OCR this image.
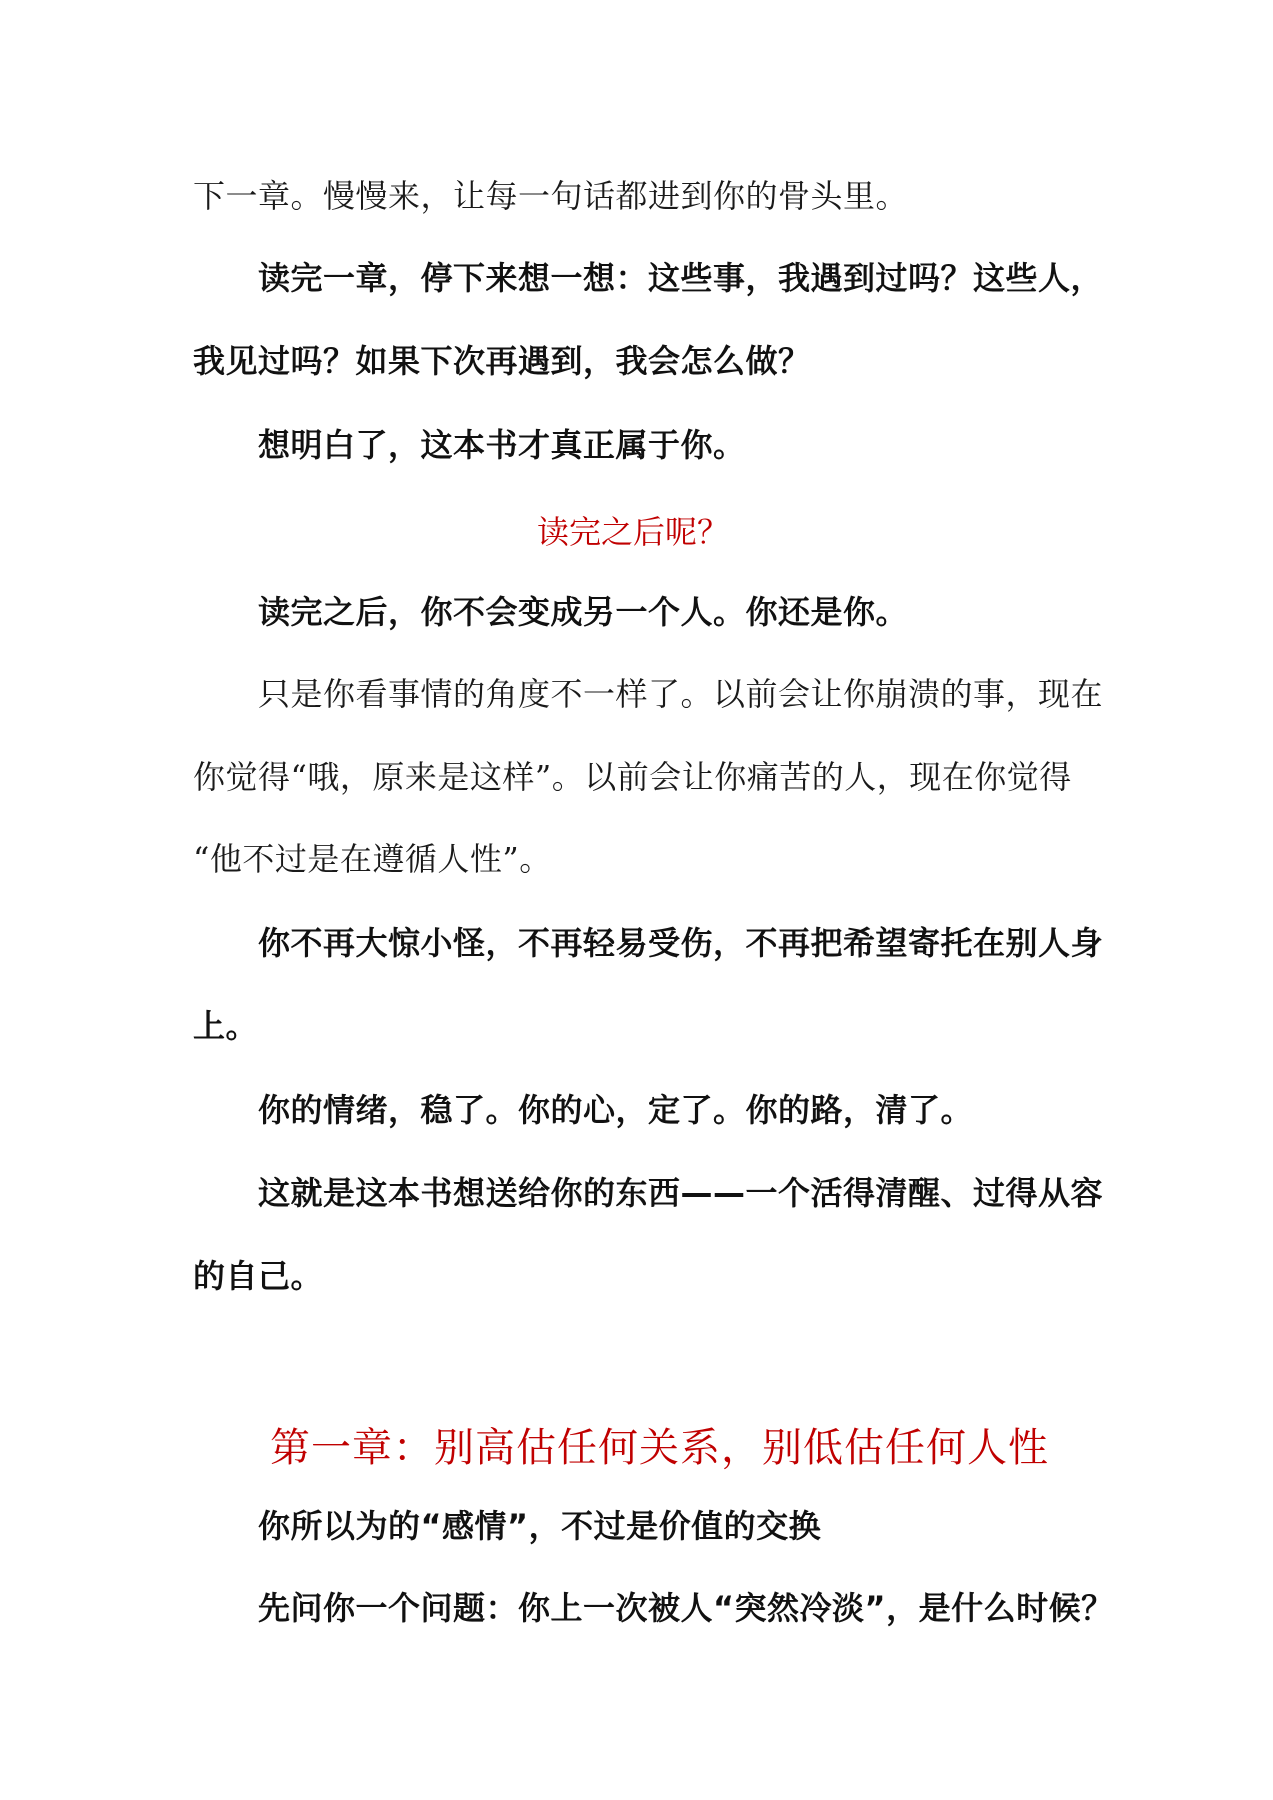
下一章。慢慢来，让每一句话都进到你的骨头里。
读完一章，停下来想一想：这些事，我遇到过吗？这些人，
我见过吗？如果下次再遇到，我会怎么做？
想明白了，这本书才真正属于你。
读完之后呢？
读完之后，你不会变成另一个人。你还是你。
只是你看事情的角度不一样了。以前会让你崩溃的事，现在
你觉得“哦，原来是这样”。以前会让你痛苦的人，现在你觉得
“他不过是在遵循人性”。
你不再大惊小怪，不再轻易受伤，不再把希望寄托在别人身
上。
你的情绪，稳了。你的心，定了。你的路，清了。
这就是这本书想送给你的东西——一个活得清醒、过得从容
的自己。
第一章：别高估任何关系，别低估任何人性
你所以为的“感情”，不过是价值的交换
先问你一个问题：你上一次被人“突然冷淡”，是什么时候？
